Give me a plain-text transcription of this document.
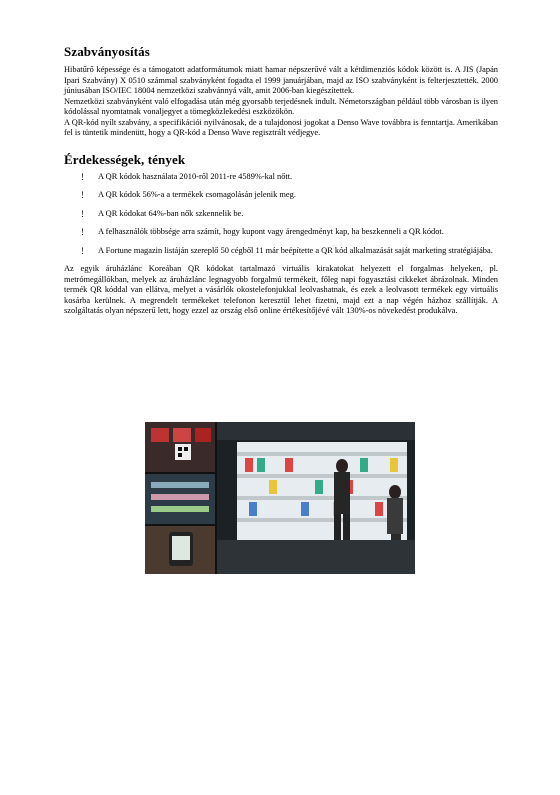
Szabványosítás

Hibatűrő képessége és a támogatott adatformátumok miatt hamar népszerűvé vált a kétdimenziós kódok között is. A JIS (Japán Ipari Szabvány) X 0510 számmal szabványként fogadta el 1999 januárjában, majd az ISO szabványként is felterjesztették. 2000 júniusában ISO/IEC 18004 nemzetközi szabvánnyá vált, amit 2006-ban kiegészítettek.

Nemzetközi szabványként való elfogadása után még gyorsabb terjedésnek indult. Németországban például több városban is ilyen kódolással nyomtatnak vonaljegyet a tömegközlekedési eszközökön.

A QR-kód nyílt szabvány, a specifikációi nyilvánosak, de a tulajdonosi jogokat a Denso Wave továbbra is fenntartja. Amerikában fel is tüntetik mindenütt, hogy a QR-kód a Denso Wave regisztrált védjegye.

Érdekességek, tények
! A QR kódok használata 2010-ről 2011-re 4589%-kal nőtt.
! A QR kódok 56%-a a termékek csomagolásán jelenik meg.
! A QR kódokat 64%-ban nők szkennelik be.
! A felhasználók többsége arra számít, hogy kupont vagy árengedményt kap, ha beszkenneli a QR kódot.
! A Fortune magazin listáján szereplő 50 cégből 11 már beépítette a QR kód alkalmazását saját marketing stratégiájába.

Az egyik áruházlánc Koreában QR kódokat tartalmazó virtuális kirakatokat helyezett el forgalmas helyeken, pl. metrómegállókban, melyek az áruházlánc legnagyobb forgalmú termékeit, főleg napi fogyasztási cikkeket ábrázolnak. Minden termék QR kóddal van ellátva, melyet a vásárlók okostelefonjukkal leolvashatnak, és ezek a leolvasott termékek egy virtuális kosárba kerülnek. A megrendelt termékeket telefonon keresztül lehet fizetni, majd ezt a nap végén házhoz szállítják. A szolgáltatás olyan népszerű lett, hogy ezzel az ország első online értékesítőjévé vált 130%-os növekedést produkálva.
